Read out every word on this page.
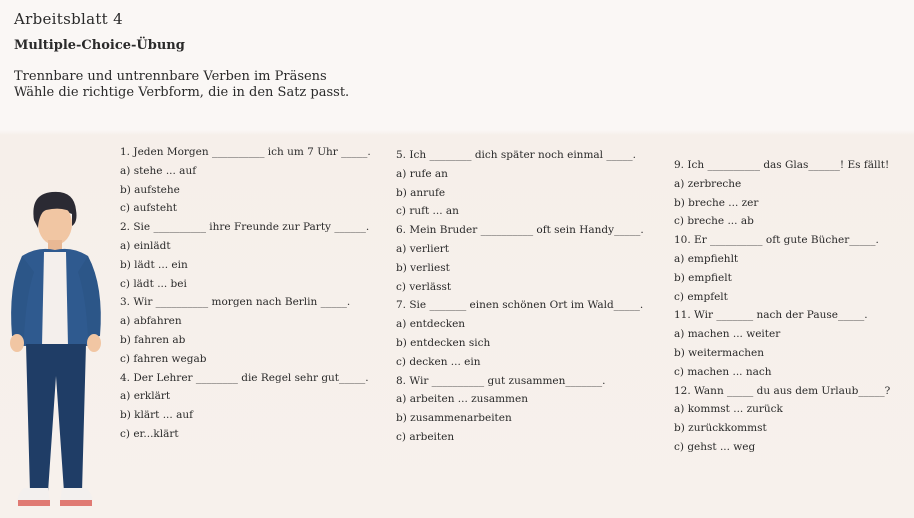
Arbeitsblatt 4
Multiple-Choice-Übung
Trennbare und untrennbare Verben im Präsens
Wähle die richtige Verbform, die in den Satz passt.
1. Jeden Morgen __________ ich um 7 Uhr _____.
a) stehe ... auf
b) aufstehe
c) aufsteht
2. Sie __________ ihre Freunde zur Party ______.
a) einlädt
b) lädt ... ein
c) lädt ... bei
3. Wir __________ morgen nach Berlin _____.
a) abfahren
b) fahren ab
c) fahren wegab
4. Der Lehrer ________ die Regel sehr gut_____.
a) erklärt
b) klärt ... auf
c) er...klärt
5. Ich ________ dich später noch einmal _____.
a) rufe an
b) anrufe
c) ruft ... an
6. Mein Bruder __________ oft sein Handy_____.
a) verliert
b) verliest
c) verlässt
7. Sie _______ einen schönen Ort im Wald_____.
a) entdecken
b) entdecken sich
c) decken ... ein
8. Wir __________ gut zusammen_______.
a) arbeiten ... zusammen
b) zusammenarbeiten
c) arbeiten
9. Ich __________ das Glas______! Es fällt!
a) zerbreche
b) breche ... zer
c) breche ... ab
10. Er __________ oft gute Bücher_____.
a) empfiehlt
b) empfielt
c) empfelt
11. Wir _______ nach der Pause_____.
a) machen ... weiter
b) weitermachen
c) machen ... nach
12. Wann _____ du aus dem Urlaub_____?
a) kommst ... zurück
b) zurückkommst
c) gehst ... weg
